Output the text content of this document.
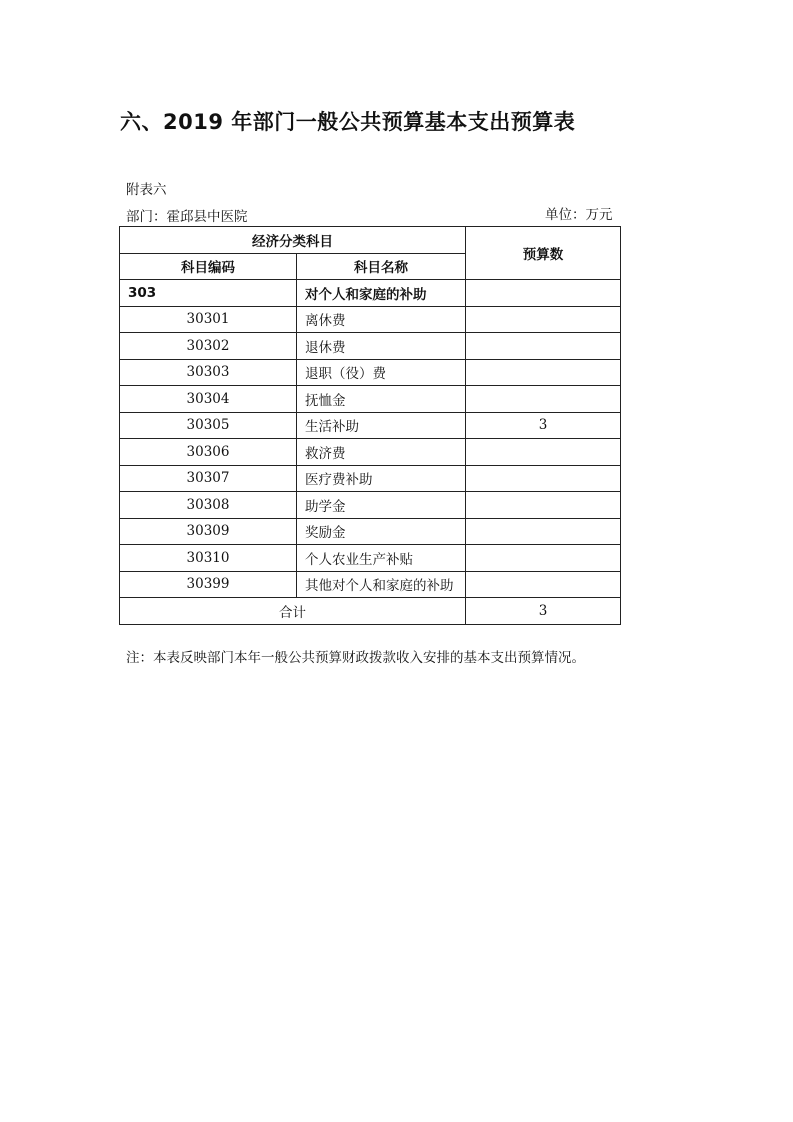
六、2019 年部门一般公共预算基本支出预算表
附表六
部门：霍邱县中医院	单位：万元
经济分类科目		预算数
科目编码	科目名称	
303	对个人和家庭的补助	
30301	离休费	
30302	退休费	
30303	退职（役）费	
30304	抚恤金	
30305	生活补助	3
30306	救济费	
30307	医疗费补助	
30308	助学金	
30309	奖励金	
30310	个人农业生产补贴	
30399	其他对个人和家庭的补助	
合计		3
注：本表反映部门本年一般公共预算财政拨款收入安排的基本支出预算情况。
